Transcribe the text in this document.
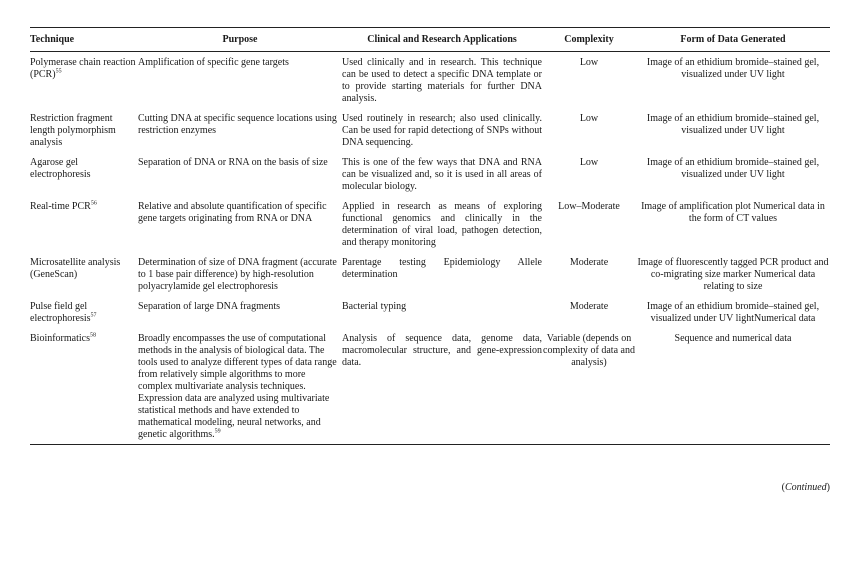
Technique	Purpose	Clinical and Research Applications	Complexity	Form of Data Generated
Polymerase chain reaction (PCR)$^{55}$	Amplification of specific gene targets	Used clinically and in research. This technique can be used to detect a specific DNA template or to provide starting materials for further DNA analysis.	Low	Image of an ethidium bromide–stained gel, visualized under UV light
Restriction fragment length polymorphism analysis	Cutting DNA at specific sequence locations using restriction enzymes	Used routinely in research; also used clinically. Can be used for rapid detectiong of SNPs without DNA sequencing.	Low	Image of an ethidium bromide–stained gel, visualized under UV light
Agarose gel electrophoresis	Separation of DNA or RNA on the basis of size	This is one of the few ways that DNA and RNA can be visualized and, so it is used in all areas of molecular biology.	Low	Image of an ethidium bromide–stained gel, visualized under UV light
Real-time PCR$^{56}$	Relative and absolute quantification of specific gene targets originating from RNA or DNA	Applied in research as means of exploring functional genomics and clinically in the determination of viral load, pathogen detection, and therapy monitoring	Low–Moderate	Image of amplification plot Numerical data in the form of CT values
Microsatellite analysis (GeneScan)	Determination of size of DNA fragment (accurate to 1 base pair difference) by high-resolution polyacrylamide gel electrophoresis	Parentage testing Epidemiology Allele determination	Moderate	Image of fluorescently tagged PCR product and co-migrating size marker Numerical data relating to size
Pulse field gel electrophoresis$^{57}$	Separation of large DNA fragments	Bacterial typing	Moderate	Image of an ethidium bromide–stained gel, visualized under UV lightNumerical data
Bioinformatics$^{58}$	Broadly encompasses the use of computational methods in the analysis of biological data. The tools used to analyze different types of data range from relatively simple algorithms to more complex multivariate analysis techniques. Expression data are analyzed using multivariate statistical methods and have extended to mathematical modeling, neural networks, and genetic algorithms.$^{59}$	Analysis of sequence data, genome data, macromolecular structure, and gene-expression data.	Variable (depends on complexity of data and analysis)	Sequence and numerical data
(Continued)
